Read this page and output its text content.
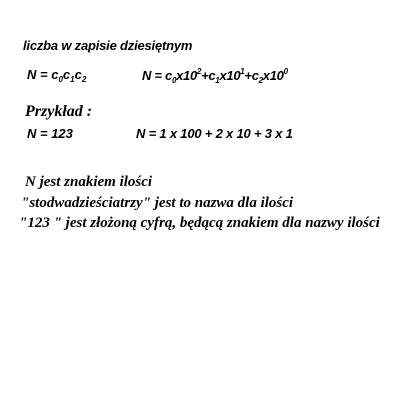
liczba w zapisie dziesiętnym
$N = c_0c_1c_2$	$N = c_0x10^2+c_1x10^1+c_2x10^0$
Przykład :
N = 123	N = 1 x 100 + 2 x 10 + 3 x 1
N jest znakiem ilości
"stodwadzieściatrzy" jest to nazwa dla ilości
"123 " jest złożoną cyfrą, będącą znakiem dla nazwy ilości
